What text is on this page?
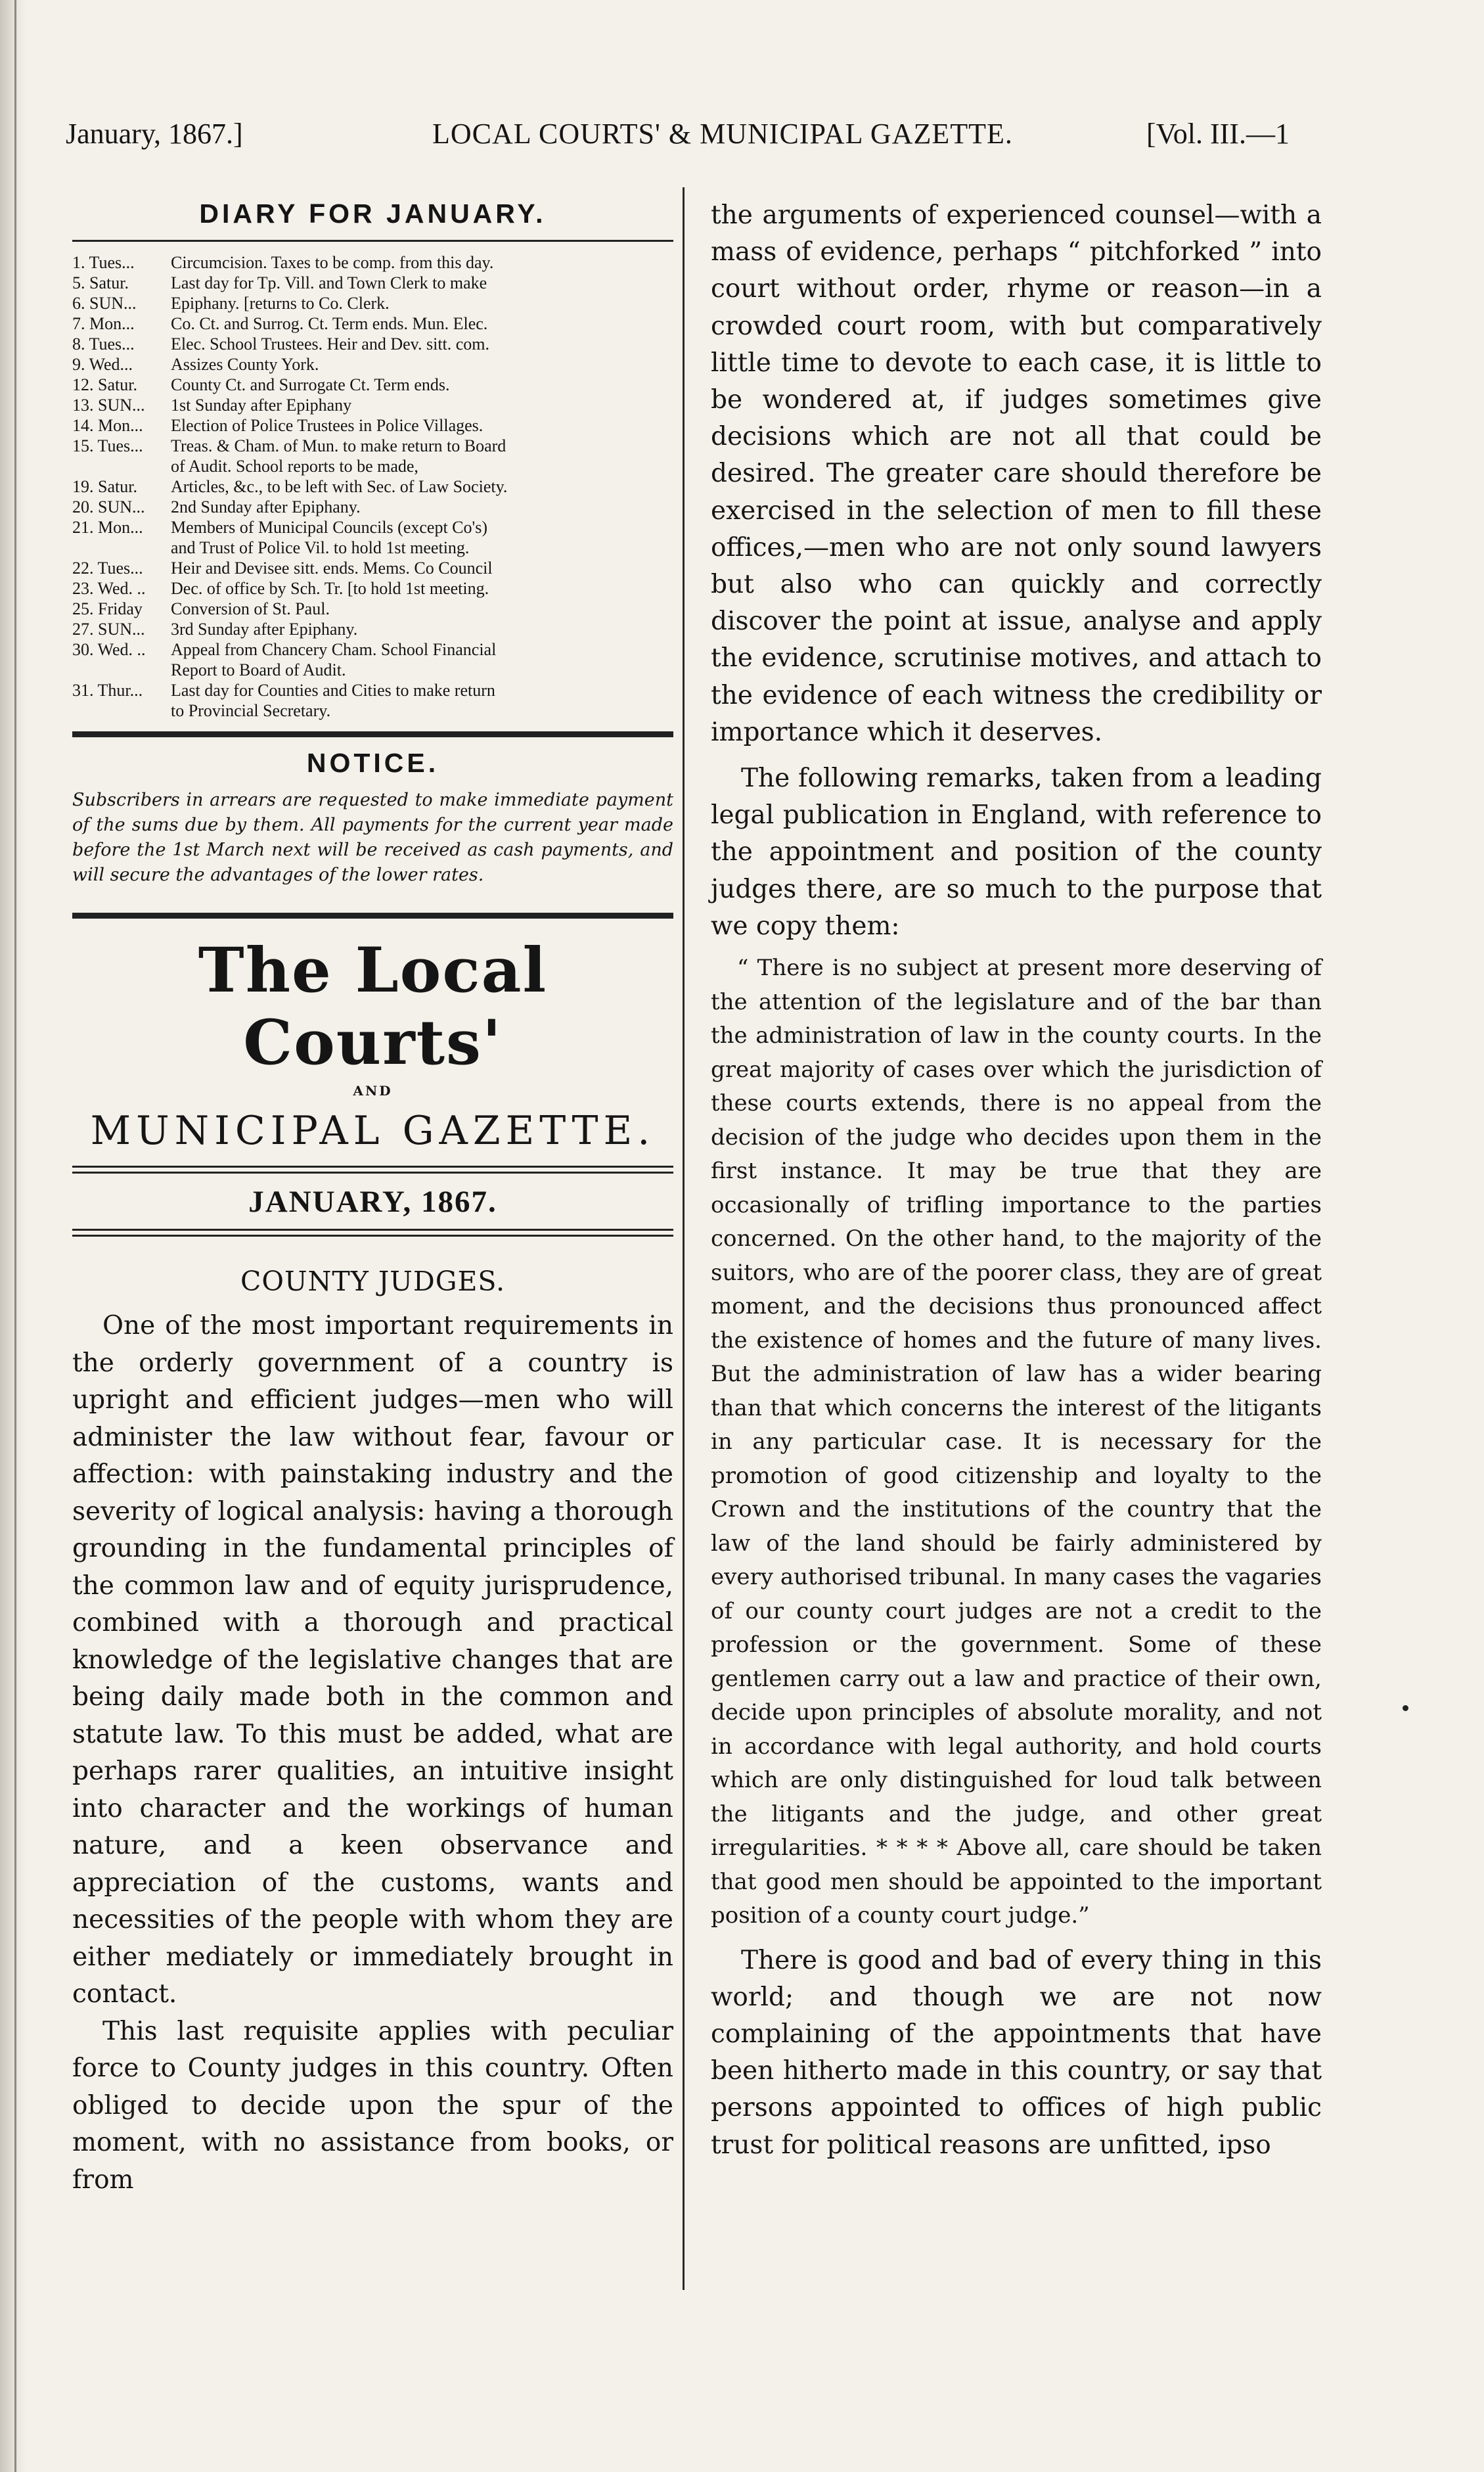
January, 1867.]	LOCAL COURTS' & MUNICIPAL GAZETTE.	[Vol. III.—1
DIARY FOR JANUARY.
1. Tues...	Circumcision. Taxes to be comp. from this day.
5. Satur.	Last day for Tp. Vill. and Town Clerk to make
6. SUN...	Epiphany. [returns to Co. Clerk.
7. Mon...	Co. Ct. and Surrog. Ct. Term ends. Mun. Elec.
8. Tues...	Elec. School Trustees. Heir and Dev. sitt. com.
9. Wed...	Assizes County York.
12. Satur.	County Ct. and Surrogate Ct. Term ends.
13. SUN...	1st Sunday after Epiphany
14. Mon...	Election of Police Trustees in Police Villages.
15. Tues...	Treas. & Cham. of Mun. to make return to Board
of Audit. School reports to be made,
19. Satur.	Articles, &c., to be left with Sec. of Law Society.
20. SUN...	2nd Sunday after Epiphany.
21. Mon...	Members of Municipal Councils (except Co's)
and Trust of Police Vil. to hold 1st meeting.
22. Tues...	Heir and Devisee sitt. ends. Mems. Co Council
23. Wed. ..	Dec. of office by Sch. Tr. [to hold 1st meeting.
25. Friday	Conversion of St. Paul.
27. SUN...	3rd Sunday after Epiphany.
30. Wed. ..	Appeal from Chancery Cham. School Financial
Report to Board of Audit.
31. Thur...	Last day for Counties and Cities to make return
to Provincial Secretary.
NOTICE.
Subscribers in arrears are requested to make immediate payment of the sums due by them. All payments for the current year made before the 1st March next will be received as cash payments, and will secure the advantages of the lower rates.
The Local Courts'
AND
MUNICIPAL GAZETTE.
JANUARY, 1867.
COUNTY JUDGES.

One of the most important requirements in the orderly government of a country is upright and efficient judges—men who will administer the law without fear, favour or affection: with painstaking industry and the severity of logical analysis: having a thorough grounding in the fundamental principles of the common law and of equity jurisprudence, combined with a thorough and practical knowledge of the legislative changes that are being daily made both in the common and statute law. To this must be added, what are perhaps rarer qualities, an intuitive insight into character and the workings of human nature, and a keen observance and appreciation of the customs, wants and necessities of the people with whom they are either mediately or immediately brought in contact.

This last requisite applies with peculiar force to County judges in this country. Often obliged to decide upon the spur of the moment, with no assistance from books, or from

the arguments of experienced counsel—with a mass of evidence, perhaps “ pitchforked ” into court without order, rhyme or reason—in a crowded court room, with but comparatively little time to devote to each case, it is little to be wondered at, if judges sometimes give decisions which are not all that could be desired. The greater care should therefore be exercised in the selection of men to fill these offices,—men who are not only sound lawyers but also who can quickly and correctly discover the point at issue, analyse and apply the evidence, scrutinise motives, and attach to the evidence of each witness the credibility or importance which it deserves.

The following remarks, taken from a leading legal publication in England, with reference to the appointment and position of the county judges there, are so much to the purpose that we copy them:

“ There is no subject at present more deserving of the attention of the legislature and of the bar than the administration of law in the county courts. In the great majority of cases over which the jurisdiction of these courts extends, there is no appeal from the decision of the judge who decides upon them in the first instance. It may be true that they are occasionally of trifling importance to the parties concerned. On the other hand, to the majority of the suitors, who are of the poorer class, they are of great moment, and the decisions thus pronounced affect the existence of homes and the future of many lives. But the administration of law has a wider bearing than that which concerns the interest of the litigants in any particular case. It is necessary for the promotion of good citizenship and loyalty to the Crown and the institutions of the country that the law of the land should be fairly administered by every authorised tribunal. In many cases the vagaries of our county court judges are not a credit to the profession or the government. Some of these gentlemen carry out a law and practice of their own, decide upon principles of absolute morality, and not in accordance with legal authority, and hold courts which are only distinguished for loud talk between the litigants and the judge, and other great irregularities. * * * * Above all, care should be taken that good men should be appointed to the important position of a county court judge.”

There is good and bad of every thing in this world; and though we are not now complaining of the appointments that have been hitherto made in this country, or say that persons appointed to offices of high public trust for political reasons are unfitted, ipso
